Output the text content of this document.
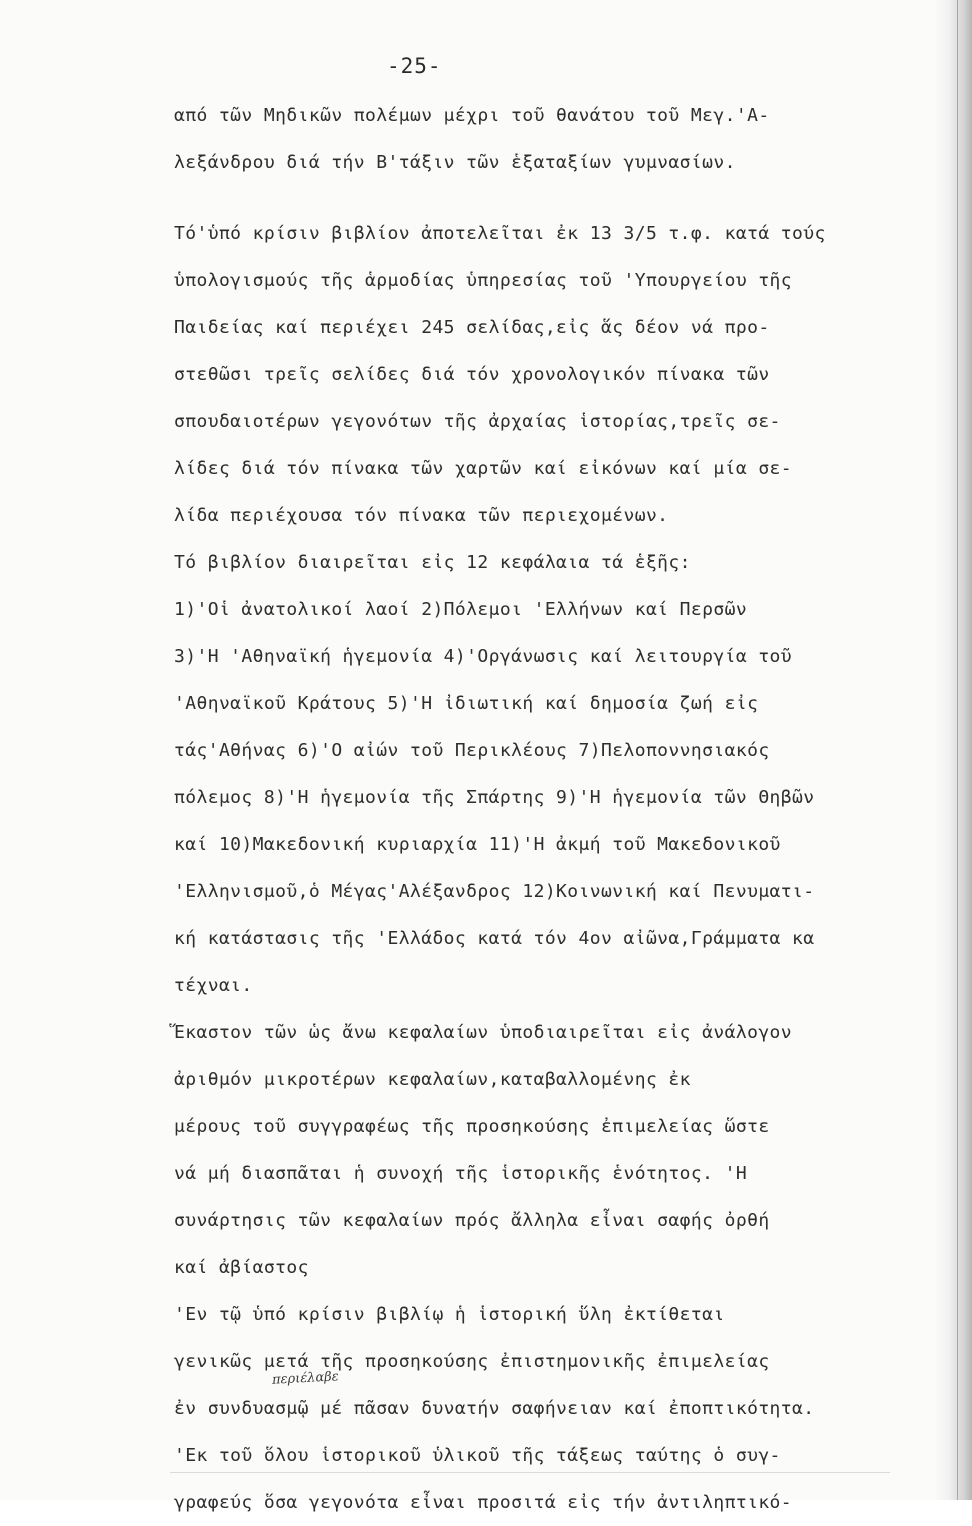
-25-
από τῶν Μηδικῶν πολέμων μέχρι τοῦ θανάτου τοῦ Μεγ.'Α-
λεξάνδρου διά τήν Β'τάξιν τῶν ἑξαταξίων γυμνασίων.
Τό'ὑπό κρίσιν βιβλίον ἀποτελεῖται ἐκ 13 3/5 τ.φ. κατά τούς
ὑπολογισμούς τῆς ἁρμοδίας ὑπηρεσίας τοῦ 'Υπουργείου τῆς
Παιδείας καί περιέχει 245 σελίδας,εἰς ἅς δέον νά προ-
στεθῶσι τρεῖς σελίδες διά τόν χρονολογικόν πίνακα τῶν
σπουδαιοτέρων γεγονότων τῆς ἀρχαίας ἱστορίας,τρεῖς σε-
λίδες διά τόν πίνακα τῶν χαρτῶν καί εἰκόνων καί μία σε-
λίδα περιέχουσα τόν πίνακα τῶν περιεχομένων.
Τό βιβλίον διαιρεῖται εἰς 12 κεφάλαια τά ἑξῆς:
1)'Οἱ ἀνατολικοί λαοί 2)Πόλεμοι 'Ελλήνων καί Περσῶν
3)'Η 'Αθηναϊκή ἡγεμονία 4)'Οργάνωσις καί λειτουργία τοῦ
'Αθηναϊκοῦ Κράτους 5)'Η ἰδιωτική καί δημοσία ζωή εἰς
τάς'Αθήνας 6)'Ο αἰών τοῦ Περικλέους 7)Πελοποννησιακός
πόλεμος 8)'Η ἡγεμονία τῆς Σπάρτης 9)'Η ἡγεμονία τῶν Θηβῶν
καί 10)Μακεδονική κυριαρχία 11)'Η ἀκμή τοῦ Μακεδονικοῦ
'Ελληνισμοῦ,ὁ Μέγας'Αλέξανδρος 12)Κοινωνική καί Πενυματι-
κή κατάστασις τῆς 'Ελλάδος κατά τόν 4ον αἰῶνα,Γράμματα κα
τέχναι.
Ἕκαστον τῶν ὡς ἄνω κεφαλαίων ὑποδιαιρεῖται εἰς ἀνάλογον
ἀριθμόν μικροτέρων κεφαλαίων,καταβαλλομένης ἐκ
μέρους τοῦ συγγραφέως τῆς προσηκούσης ἐπιμελείας ὥστε
νά μή διασπᾶται ἡ συνοχή τῆς ἱστορικῆς ἑνότητος. 'Η
συνάρτησις τῶν κεφαλαίων πρός ἄλληλα εἶναι σαφής ὀρθή
καί ἀβίαστος
'Εν τῷ ὑπό κρίσιν βιβλίῳ ἡ ἱστορική ὕλη ἐκτίθεται
γενικῶς μετά τῆς προσηκούσης ἐπιστημονικῆς ἐπιμελείας
ἐν συνδυασμῷ μέ πᾶσαν δυνατήν σαφήνειαν καί ἐποπτικότητα.
'Εκ τοῦ ὅλου ἱστορικοῦ ὑλικοῦ τῆς τάξεως ταύτης ὁ συγ-
γραφεύς ὅσα γεγονότα εἶναι προσιτά εἰς τήν ἀντιληπτικό-
περιέλαβε
